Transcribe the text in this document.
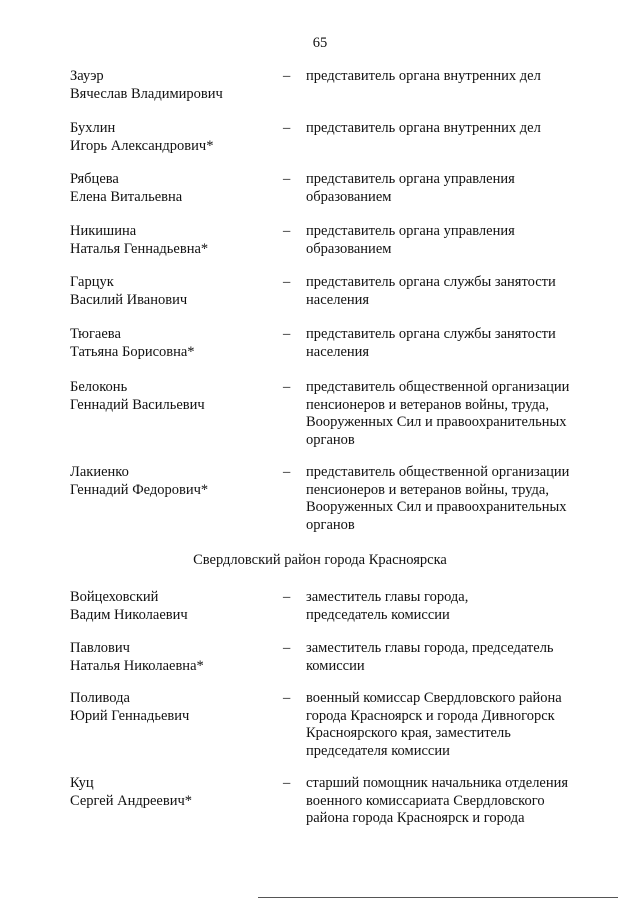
65
Зауэр
Вячеслав Владимирович
– представитель органа внутренних дел
Бухлин
Игорь Александрович*
– представитель органа внутренних дел
Рябцева
Елена Витальевна
– представитель органа управления
образованием
Никишина
Наталья Геннадьевна*
– представитель органа управления
образованием
Гарцук
Василий Иванович
– представитель органа службы занятости
населения
Тюгаева
Татьяна Борисовна*
– представитель органа службы занятости
населения
Белоконь
Геннадий Васильевич
– представитель общественной организации
пенсионеров и ветеранов войны, труда,
Вооруженных Сил и правоохранительных
органов
Лакиенко
Геннадий Федорович*
– представитель общественной организации
пенсионеров и ветеранов войны, труда,
Вооруженных Сил и правоохранительных
органов
Войцеховский
Вадим Николаевич
– заместитель главы города,
председатель комиссии
Павлович
Наталья Николаевна*
– заместитель главы города, председатель
комиссии
Поливода
Юрий Геннадьевич
– военный комиссар Свердловского района
города Красноярск и города Дивногорск
Красноярского края, заместитель
председателя комиссии
Куц
Сергей Андреевич*
– старший помощник начальника отделения
военного комиссариата Свердловского
района города Красноярск и города
Свердловский район города Красноярска
